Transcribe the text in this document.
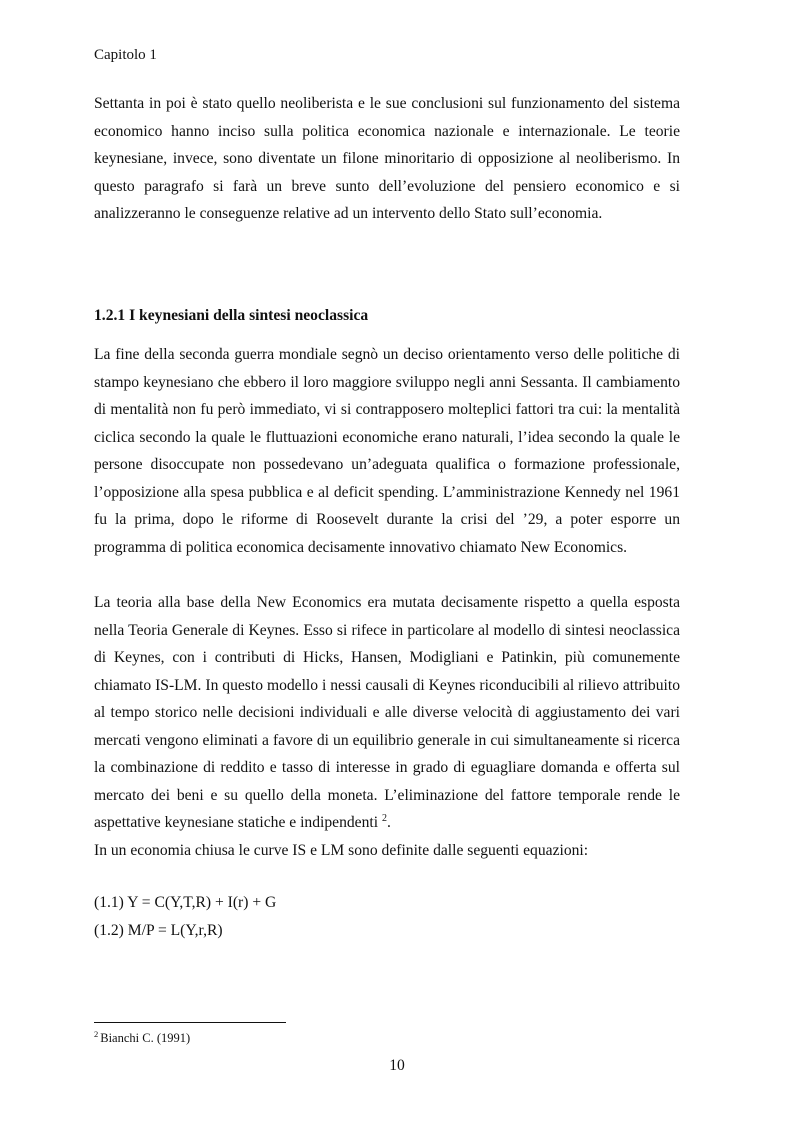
Capitolo 1

Settanta in poi è stato quello neoliberista e le sue conclusioni sul funzionamento del sistema economico hanno inciso sulla politica economica nazionale e internazionale. Le teorie keynesiane, invece, sono diventate un filone minoritario di opposizione al neoliberismo. In questo paragrafo si farà un breve sunto dell’evoluzione del pensiero economico e si analizzeranno le conseguenze relative ad un intervento dello Stato sull’economia.

1.2.1 I keynesiani della sintesi neoclassica

La fine della seconda guerra mondiale segnò un deciso orientamento verso delle politiche di stampo keynesiano che ebbero il loro maggiore sviluppo negli anni Sessanta. Il cambiamento di mentalità non fu però immediato, vi si contrapposero molteplici fattori tra cui: la mentalità ciclica secondo la quale le fluttuazioni economiche erano naturali, l’idea secondo la quale le persone disoccupate non possedevano un’adeguata qualifica o formazione professionale, l’opposizione alla spesa pubblica e al deficit spending. L’amministrazione Kennedy nel 1961 fu la prima, dopo le riforme di Roosevelt durante la crisi del ’29, a poter esporre un programma di politica economica decisamente innovativo chiamato New Economics.

La teoria alla base della New Economics era mutata decisamente rispetto a quella esposta nella Teoria Generale di Keynes. Esso si rifece in particolare al modello di sintesi neoclassica di Keynes, con i contributi di Hicks, Hansen, Modigliani e Patinkin, più comunemente chiamato IS-LM. In questo modello i nessi causali di Keynes riconducibili al rilievo attribuito al tempo storico nelle decisioni individuali e alle diverse velocità di aggiustamento dei vari mercati vengono eliminati a favore di un equilibrio generale in cui simultaneamente si ricerca la combinazione di reddito e tasso di interesse in grado di eguagliare domanda e offerta sul mercato dei beni e su quello della moneta. L’eliminazione del fattore temporale rende le aspettative keynesiane statiche e indipendenti $^2$.

In un economia chiusa le curve IS e LM sono definite dalle seguenti equazioni:

(1.1) Y = C(Y,T,R) + I(r) + G
(1.2) M/P = L(Y,r,R)
$^2$ Bianchi C. (1991)
10
